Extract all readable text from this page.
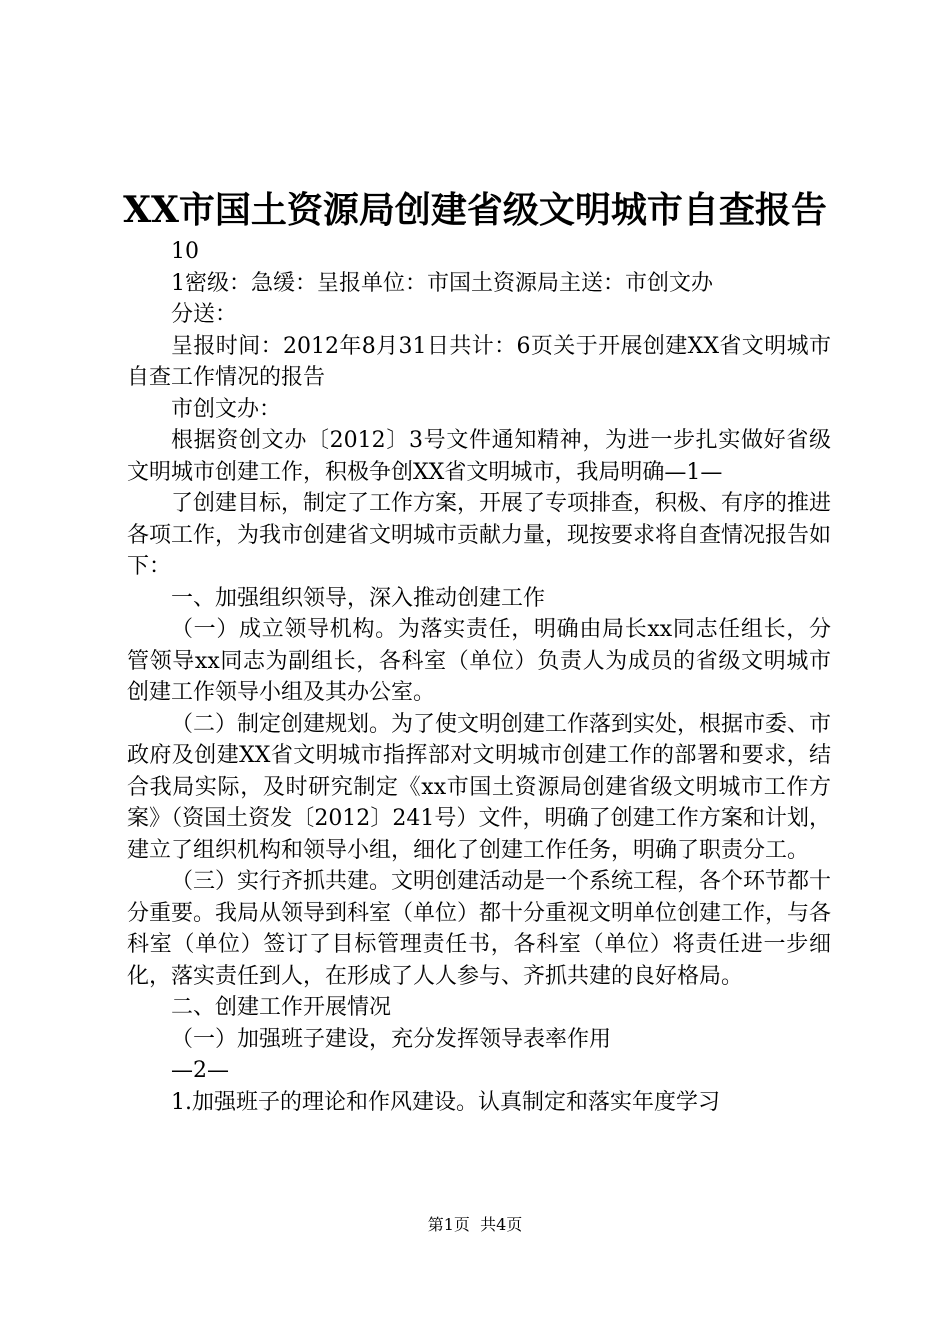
XX市国土资源局创建省级文明城市自查报告

10

1密级：急缓：呈报单位：市国土资源局主送：市创文办

分送：

呈报时间：2012年8月31日共计：6页关于开展创建XX省文明城市自查工作情况的报告

市创文办：

根据资创文办〔2012〕3号文件通知精神，为进一步扎实做好省级文明城市创建工作，积极争创XX省文明城市，我局明确—1—

了创建目标，制定了工作方案，开展了专项排查，积极、有序的推进各项工作，为我市创建省文明城市贡献力量，现按要求将自查情况报告如下：

一、加强组织领导，深入推动创建工作

（一）成立领导机构。为落实责任，明确由局长xx同志任组长，分管领导xx同志为副组长，各科室（单位）负责人为成员的省级文明城市创建工作领导小组及其办公室。

（二）制定创建规划。为了使文明创建工作落到实处，根据市委、市政府及创建XX省文明城市指挥部对文明城市创建工作的部署和要求，结合我局实际，及时研究制定《xx市国土资源局创建省级文明城市工作方案》（资国土资发〔2012〕241号）文件，明确了创建工作方案和计划，建立了组织机构和领导小组，细化了创建工作任务，明确了职责分工。

（三）实行齐抓共建。文明创建活动是一个系统工程，各个环节都十分重要。我局从领导到科室（单位）都十分重视文明单位创建工作，与各科室（单位）签订了目标管理责任书，各科室（单位）将责任进一步细化，落实责任到人，在形成了人人参与、齐抓共建的良好格局。

二、创建工作开展情况

（一）加强班子建设，充分发挥领导表率作用

—2—

1.加强班子的理论和作风建设。认真制定和落实年度学习

第1页  共4页
